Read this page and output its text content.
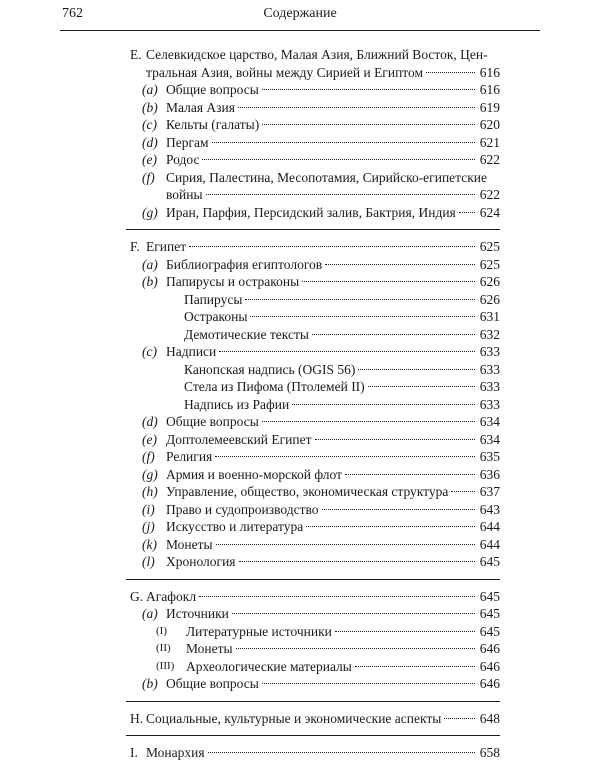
762	Содержание
E. Селевкидское царство, Малая Азия, Ближний Восток, Цен-
тральная Азия, войны между Сирией и Египтом	616
(a) Общие вопросы	616
(b) Малая Азия	619
(c) Кельты (галаты)	620
(d) Пергам	621
(e) Родос	622
(f) Сирия, Палестина, Месопотамия, Сирийско-египетские
войны	622
(g) Иран, Парфия, Персидский залив, Бактрия, Индия 624
F. Египет	625
(a) Библиография египтологов	625
(b) Папирусы и остраконы	626
Папирусы	626
Остраконы	631
Демотические тексты	632
(c) Надписи	633
Канопская надпись (OGIS 56)	633
Стела из Пифома (Птолемей II)	633
Надпись из Рафии	633
(d) Общие вопросы	634
(e) Доптолемеевский Египет	634
(f) Религия	635
(g) Армия и военно-морской флот	636
(h) Управление, общество, экономическая структура 637
(i) Право и судопроизводство	643
(j) Искусство и литература	644
(k) Монеты	644
(l) Хронология	645
G. Агафокл	645
(a) Источники	645
(I)	Литературные источники	645
(II)	Монеты	646
(III) Археологические материалы	646
(b) Общие вопросы	646
H. Социальные, культурные и экономические аспекты	648
I. Монархия	658
